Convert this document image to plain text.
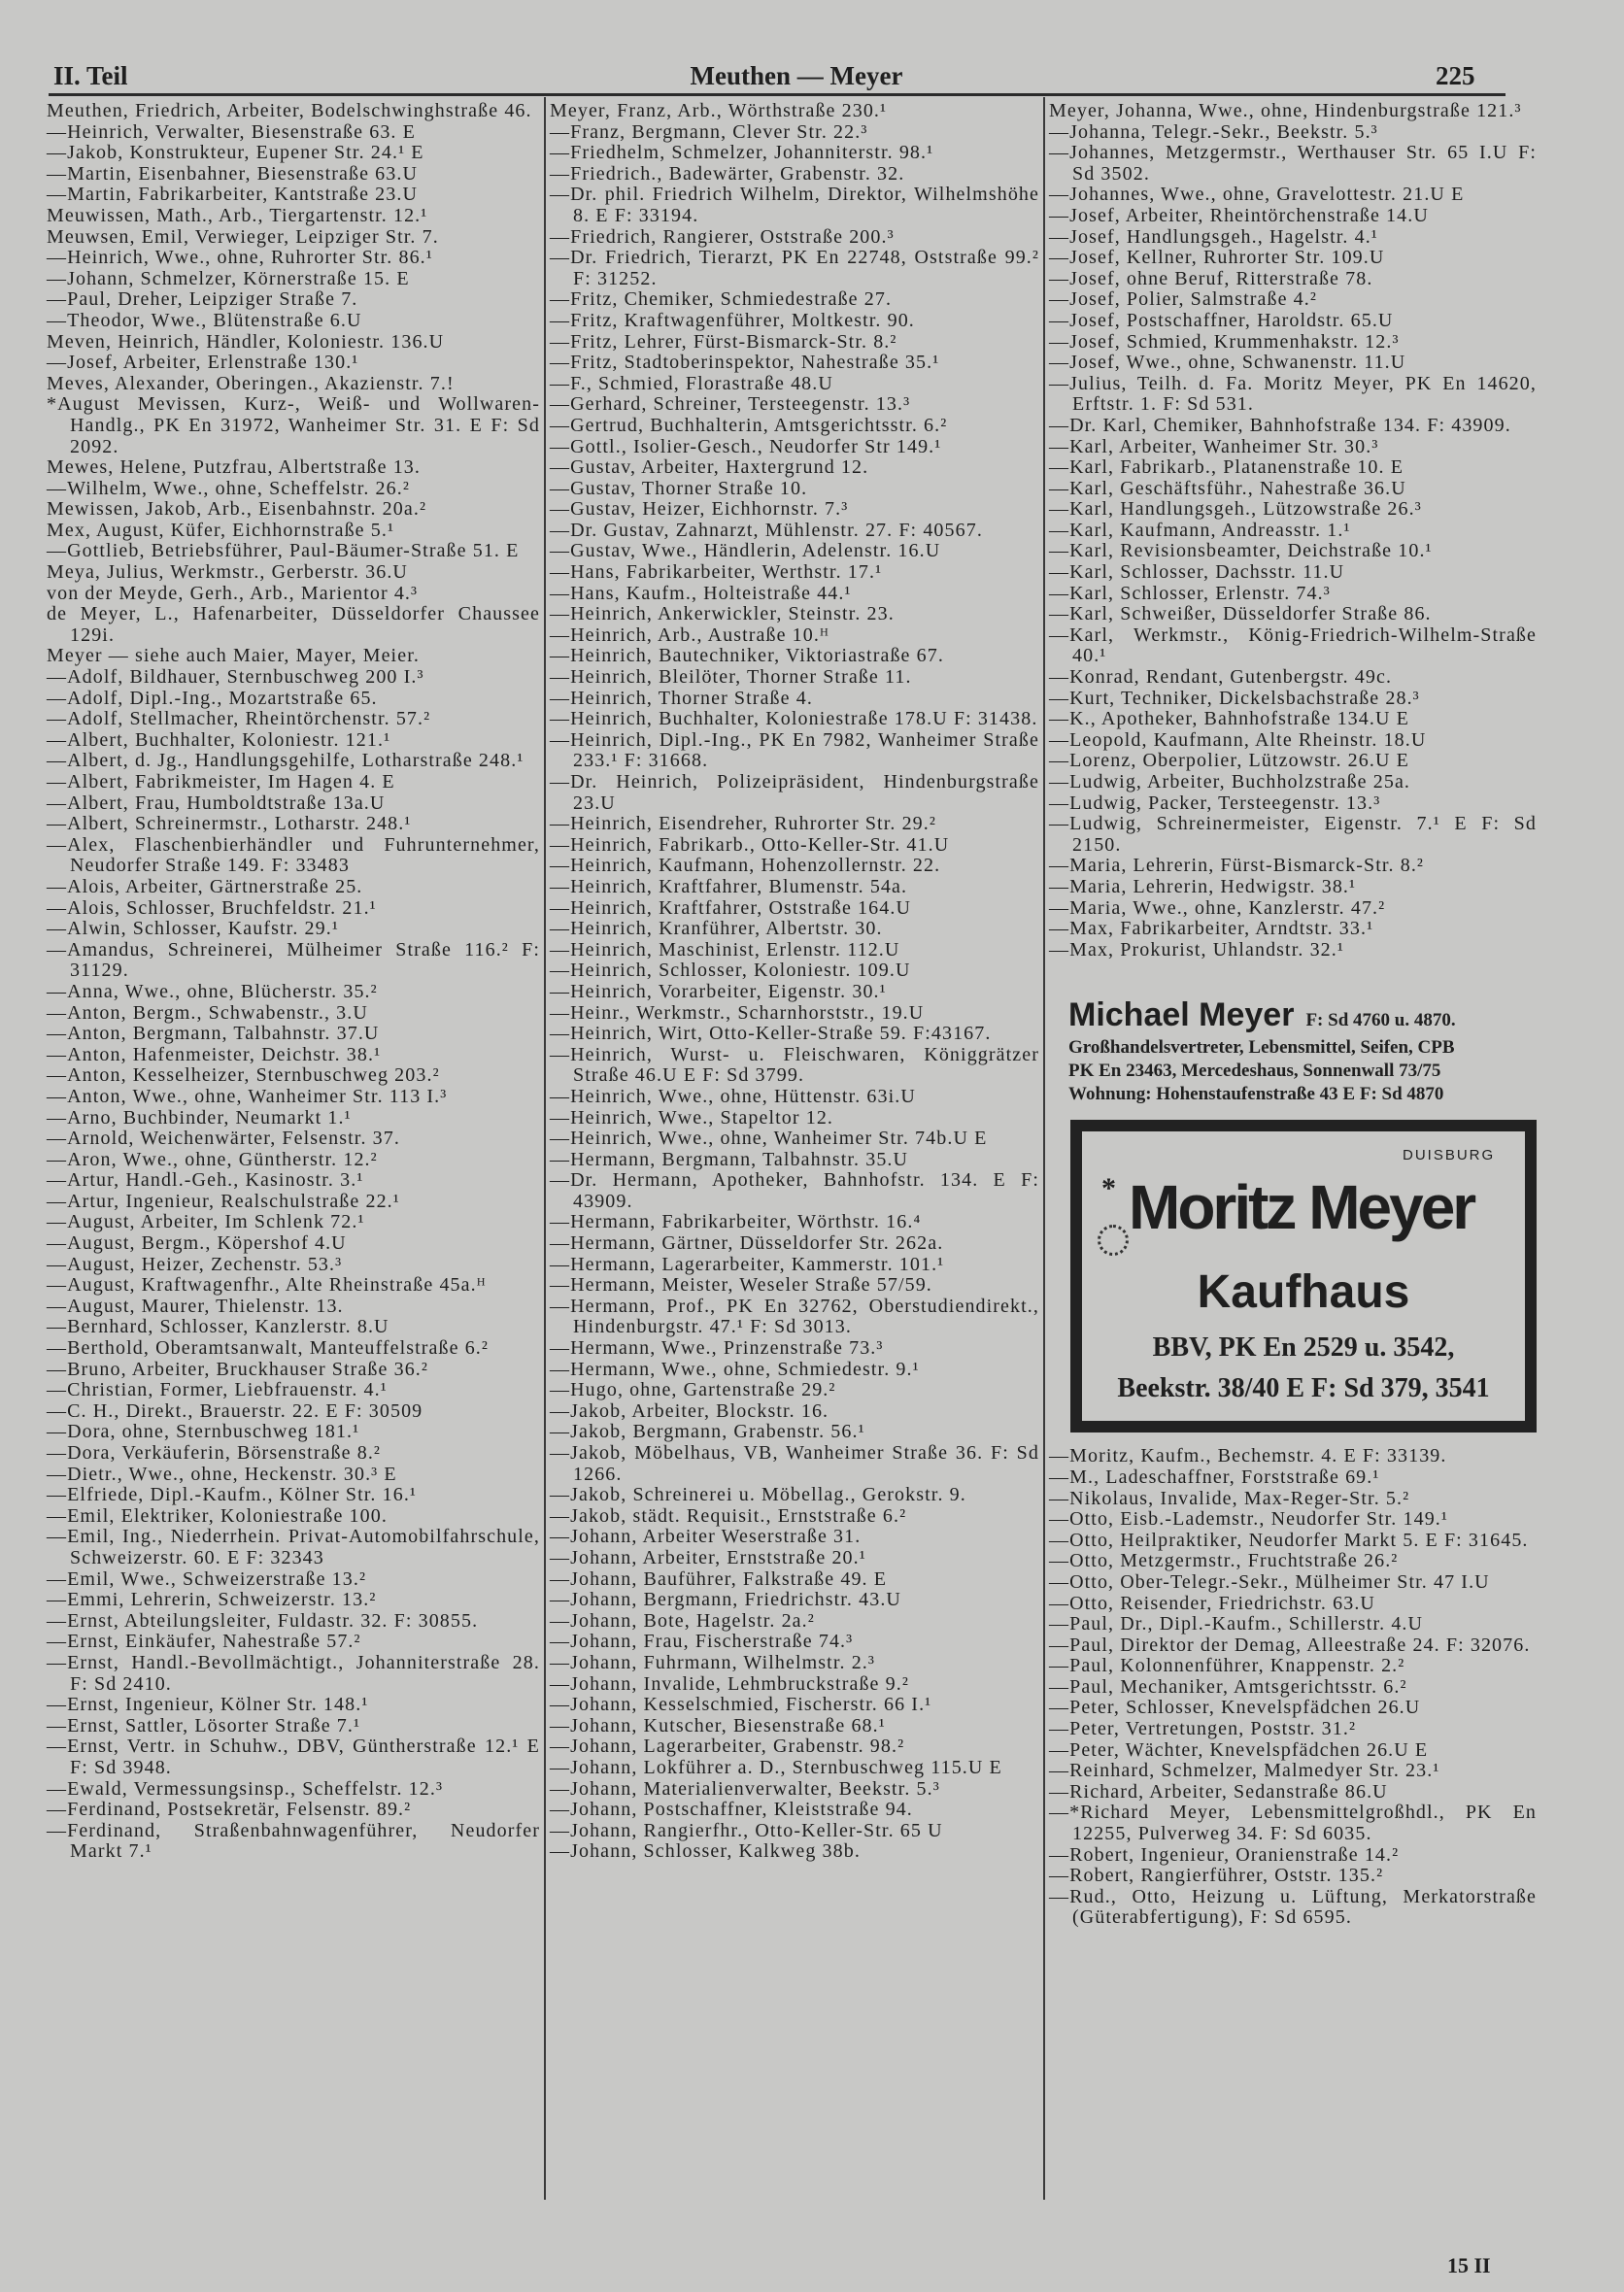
II. Teil	Meuthen — Meyer	225
Meuthen, Friedrich, Arbeiter, Bodelschwinghstraße 46.
—Heinrich, Verwalter, Biesenstraße 63. E
—Jakob, Konstrukteur, Eupener Str. 24.¹ E
—Martin, Eisenbahner, Biesenstraße 63.U
—Martin, Fabrikarbeiter, Kantstraße 23.U
Meuwissen, Math., Arb., Tiergartenstr. 12.¹
Meuwsen, Emil, Verwieger, Leipziger Str. 7.
—Heinrich, Wwe., ohne, Ruhrorter Str. 86.¹
—Johann, Schmelzer, Körnerstraße 15. E
—Paul, Dreher, Leipziger Straße 7.
—Theodor, Wwe., Blütenstraße 6.U
Meven, Heinrich, Händler, Koloniestr. 136.U
—Josef, Arbeiter, Erlenstraße 130.¹
Meves, Alexander, Oberingen., Akazienstr. 7.!
*August Mevissen, Kurz-, Weiß- und Wollwaren-Handlg., PK En 31972, Wanheimer Str. 31. E F: Sd 2092.
Mewes, Helene, Putzfrau, Albertstraße 13.
—Wilhelm, Wwe., ohne, Scheffelstr. 26.²
Mewissen, Jakob, Arb., Eisenbahnstr. 20a.²
Mex, August, Küfer, Eichhornstraße 5.¹
—Gottlieb, Betriebsführer, Paul-Bäumer-Straße 51. E
Meya, Julius, Werkmstr., Gerberstr. 36.U
von der Meyde, Gerh., Arb., Marientor 4.³
de Meyer, L., Hafenarbeiter, Düsseldorfer Chaussee 129i.
Meyer — siehe auch Maier, Mayer, Meier.
—Adolf, Bildhauer, Sternbuschweg 200 I.³
—Adolf, Dipl.-Ing., Mozartstraße 65.
—Adolf, Stellmacher, Rheintörchenstr. 57.²
—Albert, Buchhalter, Koloniestr. 121.¹
—Albert, d. Jg., Handlungsgehilfe, Lotharstraße 248.¹
—Albert, Fabrikmeister, Im Hagen 4. E
—Albert, Frau, Humboldtstraße 13a.U
—Albert, Schreinermstr., Lotharstr. 248.¹
—Alex, Flaschenbierhändler und Fuhrunternehmer, Neudorfer Straße 149. F: 33483
—Alois, Arbeiter, Gärtnerstraße 25.
—Alois, Schlosser, Bruchfeldstr. 21.¹
—Alwin, Schlosser, Kaufstr. 29.¹
—Amandus, Schreinerei, Mülheimer Straße 116.² F: 31129.
—Anna, Wwe., ohne, Blücherstr. 35.²
—Anton, Bergm., Schwabenstr., 3.U
—Anton, Bergmann, Talbahnstr. 37.U
—Anton, Hafenmeister, Deichstr. 38.¹
—Anton, Kesselheizer, Sternbuschweg 203.²
—Anton, Wwe., ohne, Wanheimer Str. 113 I.³
—Arno, Buchbinder, Neumarkt 1.¹
—Arnold, Weichenwärter, Felsenstr. 37.
—Aron, Wwe., ohne, Güntherstr. 12.²
—Artur, Handl.-Geh., Kasinostr. 3.¹
—Artur, Ingenieur, Realschulstraße 22.¹
—August, Arbeiter, Im Schlenk 72.¹
—August, Bergm., Köpershof 4.U
—August, Heizer, Zechenstr. 53.³
—August, Kraftwagenfhr., Alte Rheinstraße 45a.ᴴ
—August, Maurer, Thielenstr. 13.
—Bernhard, Schlosser, Kanzlerstr. 8.U
—Berthold, Oberamtsanwalt, Manteuffelstraße 6.²
—Bruno, Arbeiter, Bruckhauser Straße 36.²
—Christian, Former, Liebfrauenstr. 4.¹
—C. H., Direkt., Brauerstr. 22. E F: 30509
—Dora, ohne, Sternbuschweg 181.¹
—Dora, Verkäuferin, Börsenstraße 8.²
—Dietr., Wwe., ohne, Heckenstr. 30.³ E
—Elfriede, Dipl.-Kaufm., Kölner Str. 16.¹
—Emil, Elektriker, Koloniestraße 100.
—Emil, Ing., Niederrhein. Privat-Automobilfahrschule, Schweizerstr. 60. E F: 32343
—Emil, Wwe., Schweizerstraße 13.²
—Emmi, Lehrerin, Schweizerstr. 13.²
—Ernst, Abteilungsleiter, Fuldastr. 32. F: 30855.
—Ernst, Einkäufer, Nahestraße 57.²
—Ernst, Handl.-Bevollmächtigt., Johanniterstraße 28. F: Sd 2410.
—Ernst, Ingenieur, Kölner Str. 148.¹
—Ernst, Sattler, Lösorter Straße 7.¹
—Ernst, Vertr. in Schuhw., DBV, Güntherstraße 12.¹ E F: Sd 3948.
—Ewald, Vermessungsinsp., Scheffelstr. 12.³
—Ferdinand, Postsekretär, Felsenstr. 89.²
—Ferdinand, Straßenbahnwagenführer, Neudorfer Markt 7.¹
Meyer, Franz, Arb., Wörthstraße 230.¹
—Franz, Bergmann, Clever Str. 22.³
—Friedhelm, Schmelzer, Johanniterstr. 98.¹
—Friedrich., Badewärter, Grabenstr. 32.
—Dr. phil. Friedrich Wilhelm, Direktor, Wilhelmshöhe 8. E F: 33194.
—Friedrich, Rangierer, Oststraße 200.³
—Dr. Friedrich, Tierarzt, PK En 22748, Oststraße 99.² F: 31252.
—Fritz, Chemiker, Schmiedestraße 27.
—Fritz, Kraftwagenführer, Moltkestr. 90.
—Fritz, Lehrer, Fürst-Bismarck-Str. 8.²
—Fritz, Stadtoberinspektor, Nahestraße 35.¹
—F., Schmied, Florastraße 48.U
—Gerhard, Schreiner, Tersteegenstr. 13.³
—Gertrud, Buchhalterin, Amtsgerichtsstr. 6.²
—Gottl., Isolier-Gesch., Neudorfer Str 149.¹
—Gustav, Arbeiter, Haxtergrund 12.
—Gustav, Thorner Straße 10.
—Gustav, Heizer, Eichhornstr. 7.³
—Dr. Gustav, Zahnarzt, Mühlenstr. 27. F: 40567.
—Gustav, Wwe., Händlerin, Adelenstr. 16.U
—Hans, Fabrikarbeiter, Werthstr. 17.¹
—Hans, Kaufm., Holteistraße 44.¹
—Heinrich, Ankerwickler, Steinstr. 23.
—Heinrich, Arb., Austraße 10.ᴴ
—Heinrich, Bautechniker, Viktoriastraße 67.
—Heinrich, Bleilöter, Thorner Straße 11.
—Heinrich, Thorner Straße 4.
—Heinrich, Buchhalter, Koloniestraße 178.U F: 31438.
—Heinrich, Dipl.-Ing., PK En 7982, Wanheimer Straße 233.¹ F: 31668.
—Dr. Heinrich, Polizeipräsident, Hindenburgstraße 23.U
—Heinrich, Eisendreher, Ruhrorter Str. 29.²
—Heinrich, Fabrikarb., Otto-Keller-Str. 41.U
—Heinrich, Kaufmann, Hohenzollernstr. 22.
—Heinrich, Kraftfahrer, Blumenstr. 54a.
—Heinrich, Kraftfahrer, Oststraße 164.U
—Heinrich, Kranführer, Albertstr. 30.
—Heinrich, Maschinist, Erlenstr. 112.U
—Heinrich, Schlosser, Koloniestr. 109.U
—Heinrich, Vorarbeiter, Eigenstr. 30.¹
—Heinr., Werkmstr., Scharnhorststr., 19.U
—Heinrich, Wirt, Otto-Keller-Straße 59. F:43167.
—Heinrich, Wurst- u. Fleischwaren, Königgrätzer Straße 46.U E F: Sd 3799.
—Heinrich, Wwe., ohne, Hüttenstr. 63i.U
—Heinrich, Wwe., Stapeltor 12.
—Heinrich, Wwe., ohne, Wanheimer Str. 74b.U E
—Hermann, Bergmann, Talbahnstr. 35.U
—Dr. Hermann, Apotheker, Bahnhofstr. 134. E F: 43909.
—Hermann, Fabrikarbeiter, Wörthstr. 16.⁴
—Hermann, Gärtner, Düsseldorfer Str. 262a.
—Hermann, Lagerarbeiter, Kammerstr. 101.¹
—Hermann, Meister, Weseler Straße 57/59.
—Hermann, Prof., PK En 32762, Oberstudiendirekt., Hindenburgstr. 47.¹ F: Sd 3013.
—Hermann, Wwe., Prinzenstraße 73.³
—Hermann, Wwe., ohne, Schmiedestr. 9.¹
—Hugo, ohne, Gartenstraße 29.²
—Jakob, Arbeiter, Blockstr. 16.
—Jakob, Bergmann, Grabenstr. 56.¹
—Jakob, Möbelhaus, VB, Wanheimer Straße 36. F: Sd 1266.
—Jakob, Schreinerei u. Möbellag., Gerokstr. 9.
—Jakob, städt. Requisit., Ernststraße 6.²
—Johann, Arbeiter Weserstraße 31.
—Johann, Arbeiter, Ernststraße 20.¹
—Johann, Bauführer, Falkstraße 49. E
—Johann, Bergmann, Friedrichstr. 43.U
—Johann, Bote, Hagelstr. 2a.²
—Johann, Frau, Fischerstraße 74.³
—Johann, Fuhrmann, Wilhelmstr. 2.³
—Johann, Invalide, Lehmbruckstraße 9.²
—Johann, Kesselschmied, Fischerstr. 66 I.¹
—Johann, Kutscher, Biesenstraße 68.¹
—Johann, Lagerarbeiter, Grabenstr. 98.²
—Johann, Lokführer a. D., Sternbuschweg 115.U E
—Johann, Materialienverwalter, Beekstr. 5.³
—Johann, Postschaffner, Kleiststraße 94.
—Johann, Rangierfhr., Otto-Keller-Str. 65 U
—Johann, Schlosser, Kalkweg 38b.
Meyer, Johanna, Wwe., ohne, Hindenburgstraße 121.³
—Johanna, Telegr.-Sekr., Beekstr. 5.³
—Johannes, Metzgermstr., Werthauser Str. 65 I.U F: Sd 3502.
—Johannes, Wwe., ohne, Gravelottestr. 21.U E
—Josef, Arbeiter, Rheintörchenstraße 14.U
—Josef, Handlungsgeh., Hagelstr. 4.¹
—Josef, Kellner, Ruhrorter Str. 109.U
—Josef, ohne Beruf, Ritterstraße 78.
—Josef, Polier, Salmstraße 4.²
—Josef, Postschaffner, Haroldstr. 65.U
—Josef, Schmied, Krummenhakstr. 12.³
—Josef, Wwe., ohne, Schwanenstr. 11.U
—Julius, Teilh. d. Fa. Moritz Meyer, PK En 14620, Erftstr. 1. F: Sd 531.
—Dr. Karl, Chemiker, Bahnhofstraße 134. F: 43909.
—Karl, Arbeiter, Wanheimer Str. 30.³
—Karl, Fabrikarb., Platanenstraße 10. E
—Karl, Geschäftsführ., Nahestraße 36.U
—Karl, Handlungsgeh., Lützowstraße 26.³
—Karl, Kaufmann, Andreasstr. 1.¹
—Karl, Revisionsbeamter, Deichstraße 10.¹
—Karl, Schlosser, Dachsstr. 11.U
—Karl, Schlosser, Erlenstr. 74.³
—Karl, Schweißer, Düsseldorfer Straße 86.
—Karl, Werkmstr., König-Friedrich-Wilhelm-Straße 40.¹
—Konrad, Rendant, Gutenbergstr. 49c.
—Kurt, Techniker, Dickelsbachstraße 28.³
—K., Apotheker, Bahnhofstraße 134.U E
—Leopold, Kaufmann, Alte Rheinstr. 18.U
—Lorenz, Oberpolier, Lützowstr. 26.U E
—Ludwig, Arbeiter, Buchholzstraße 25a.
—Ludwig, Packer, Tersteegenstr. 13.³
—Ludwig, Schreinermeister, Eigenstr. 7.¹ E F: Sd 2150.
—Maria, Lehrerin, Fürst-Bismarck-Str. 8.²
—Maria, Lehrerin, Hedwigstr. 38.¹
—Maria, Wwe., ohne, Kanzlerstr. 47.²
—Max, Fabrikarbeiter, Arndtstr. 33.¹
—Max, Prokurist, Uhlandstr. 32.¹
Michael Meyer F: Sd 4760 u. 4870.
Großhandelsvertreter, Lebensmittel, Seifen, CPB
PK En 23463, Mercedeshaus, Sonnenwall 73/75
Wohnung: Hohenstaufenstraße 43 E F: Sd 4870
*
DUISBURG
Moritz Meyer
Kaufhaus
BBV, PK En 2529 u. 3542,
Beekstr. 38/40 E F: Sd 379, 3541
—Moritz, Kaufm., Bechemstr. 4. E F: 33139.
—M., Ladeschaffner, Forststraße 69.¹
—Nikolaus, Invalide, Max-Reger-Str. 5.²
—Otto, Eisb.-Lademstr., Neudorfer Str. 149.¹
—Otto, Heilpraktiker, Neudorfer Markt 5. E F: 31645.
—Otto, Metzgermstr., Fruchtstraße 26.²
—Otto, Ober-Telegr.-Sekr., Mülheimer Str. 47 I.U
—Otto, Reisender, Friedrichstr. 63.U
—Paul, Dr., Dipl.-Kaufm., Schillerstr. 4.U
—Paul, Direktor der Demag, Alleestraße 24. F: 32076.
—Paul, Kolonnenführer, Knappenstr. 2.²
—Paul, Mechaniker, Amtsgerichtsstr. 6.²
—Peter, Schlosser, Knevelspfädchen 26.U
—Peter, Vertretungen, Poststr. 31.²
—Peter, Wächter, Knevelspfädchen 26.U E
—Reinhard, Schmelzer, Malmedyer Str. 23.¹
—Richard, Arbeiter, Sedanstraße 86.U
—*Richard Meyer, Lebensmittelgroßhdl., PK En 12255, Pulverweg 34. F: Sd 6035.
—Robert, Ingenieur, Oranienstraße 14.²
—Robert, Rangierführer, Oststr. 135.²
—Rud., Otto, Heizung u. Lüftung, Merkatorstraße (Güterabfertigung), F: Sd 6595.
15 II
